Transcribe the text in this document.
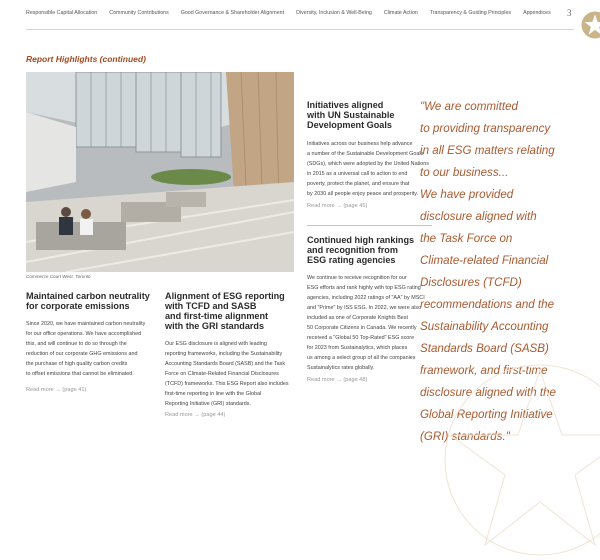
Responsible Capital Allocation Community Contributions Good Governance & Shareholder Alignment Diversity, Inclusion & Well-Being Climate Action Transparency & Guiding Principles Appendices 3
Report Highlights (continued)
Commerce Court West, Toronto
Maintained carbon neutrality
for corporate emissions
Since 2020, we have maintained carbon neutrality
for our office operations. We have accomplished
this, and will continue to do so through the
reduction of our corporate GHG emissions and
the purchase of high quality carbon credits
to offset emissions that cannot be eliminated.
Read more → (page 41)
Alignment of ESG reporting
with TCFD and SASB
and first-time alignment
with the GRI standards
Our ESG disclosure is aligned with leading
reporting frameworks, including the Sustainability
Accounting Standards Board (SASB) and the Task
Force on Climate-Related Financial Disclosures
(TCFD) frameworks. This ESG Report also includes
first-time reporting in line with the Global
Reporting Initiative (GRI) standards.
Read more → (page 44)
Initiatives aligned
with UN Sustainable
Development Goals
Initiatives across our business help advance
a number of the Sustainable Development Goals
(SDGs), which were adopted by the United Nations
in 2015 as a universal call to action to end
poverty, protect the planet, and ensure that
by 2030 all people enjoy peace and prosperity.
Read more → (page 45)
Continued high rankings
and recognition from
ESG rating agencies
We continue to receive recognition for our
ESG efforts and rank highly with top ESG rating
agencies, including 2022 ratings of "AA" by MSCI
and "Prime" by ISS ESG. In 2022, we were also
included as one of Corporate Knights Best
50 Corporate Citizens in Canada. We recently
received a "Global 50 Top-Rated" ESG score
for 2023 from Sustainalytics, which places
us among a select group of all the companies
Sustainalytics rates globally.
Read more → (page 48)
"We are committed
to providing transparency
in all ESG matters relating
to our business...
We have provided
disclosure aligned with
the Task Force on
Climate-related Financial
Disclosures (TCFD)
recommendations and the
Sustainability Accounting
Standards Board (SASB)
framework, and first-time
disclosure aligned with the
Global Reporting Initiative
(GRI) standards."
